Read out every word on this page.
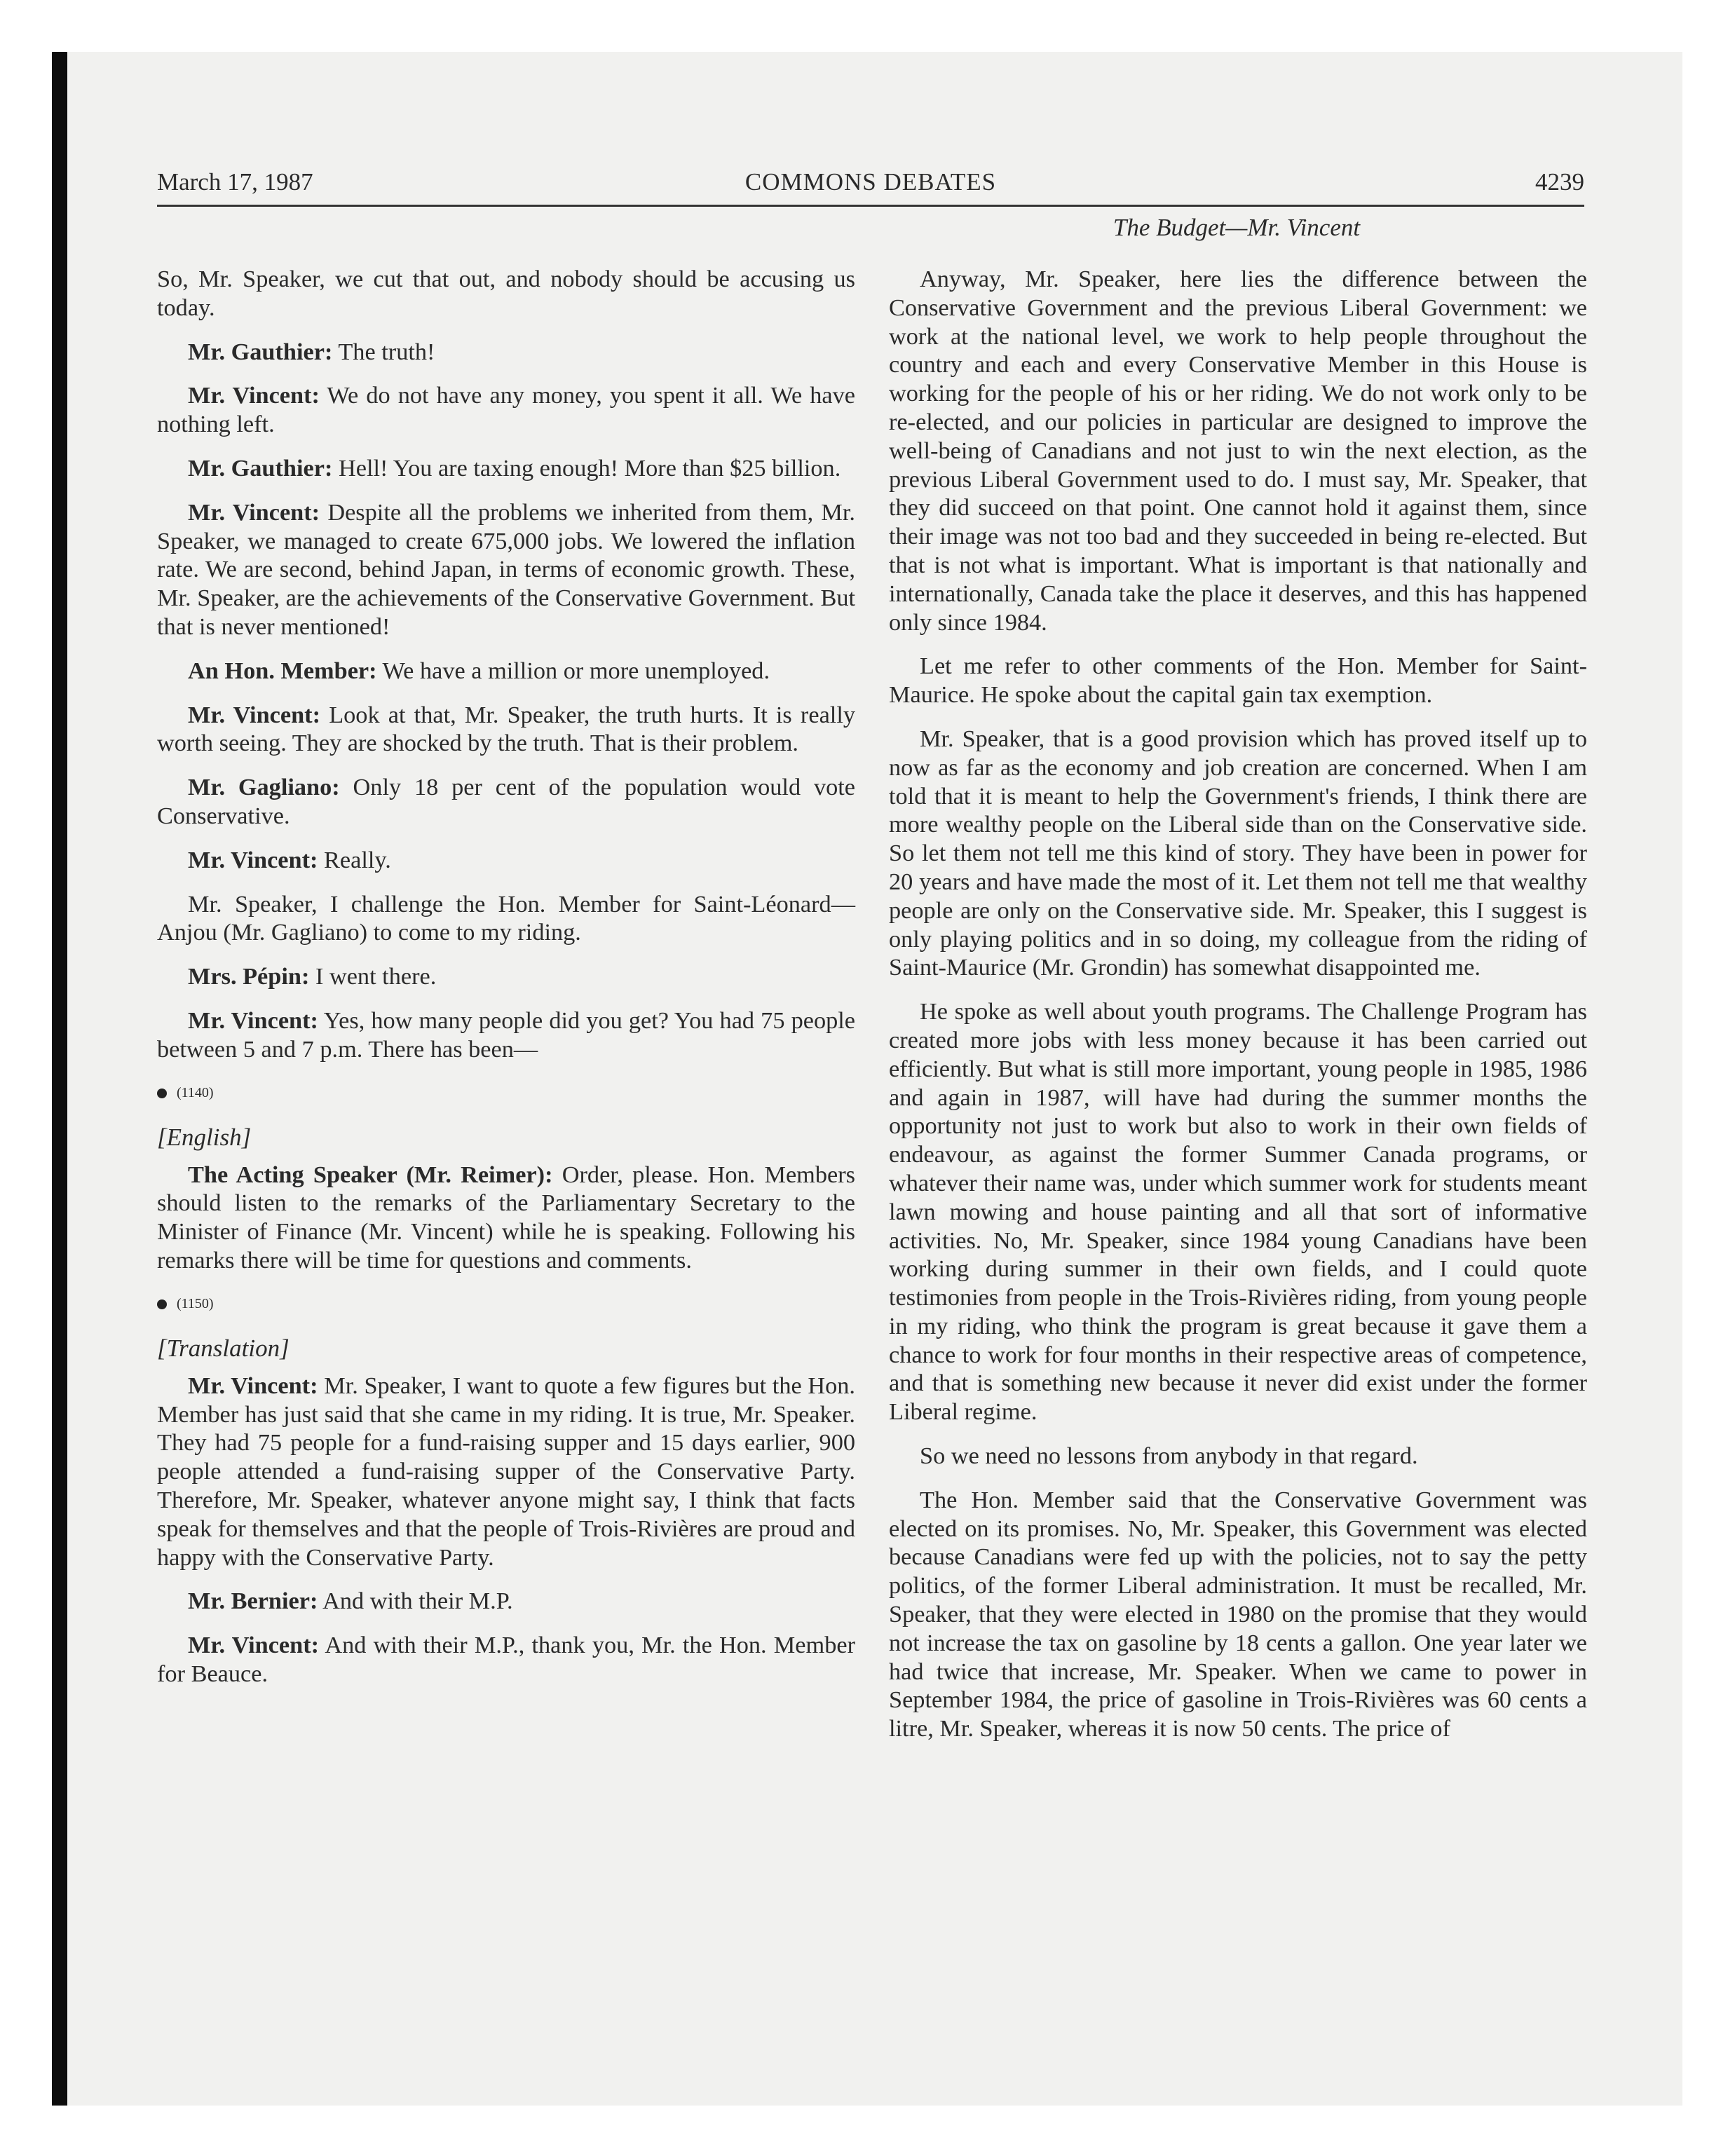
March 17, 1987	COMMONS DEBATES	4239
The Budget—Mr. Vincent

So, Mr. Speaker, we cut that out, and nobody should be accusing us today.

Mr. Gauthier: The truth!

Mr. Vincent: We do not have any money, you spent it all. We have nothing left.

Mr. Gauthier: Hell! You are taxing enough! More than $25 billion.

Mr. Vincent: Despite all the problems we inherited from them, Mr. Speaker, we managed to create 675,000 jobs. We lowered the inflation rate. We are second, behind Japan, in terms of economic growth. These, Mr. Speaker, are the achievements of the Conservative Government. But that is never mentioned!

An Hon. Member: We have a million or more unemployed.

Mr. Vincent: Look at that, Mr. Speaker, the truth hurts. It is really worth seeing. They are shocked by the truth. That is their problem.

Mr. Gagliano: Only 18 per cent of the population would vote Conservative.

Mr. Vincent: Really.

Mr. Speaker, I challenge the Hon. Member for Saint-Léonard—Anjou (Mr. Gagliano) to come to my riding.

Mrs. Pépin: I went there.

Mr. Vincent: Yes, how many people did you get? You had 75 people between 5 and 7 p.m. There has been—

(1140)
[English]

The Acting Speaker (Mr. Reimer): Order, please. Hon. Members should listen to the remarks of the Parliamentary Secretary to the Minister of Finance (Mr. Vincent) while he is speaking. Following his remarks there will be time for questions and comments.

(1150)
[Translation]

Mr. Vincent: Mr. Speaker, I want to quote a few figures but the Hon. Member has just said that she came in my riding. It is true, Mr. Speaker. They had 75 people for a fund-raising supper and 15 days earlier, 900 people attended a fund-raising supper of the Conservative Party. Therefore, Mr. Speaker, whatever anyone might say, I think that facts speak for themselves and that the people of Trois-Rivières are proud and happy with the Conservative Party.

Mr. Bernier: And with their M.P.

Mr. Vincent: And with their M.P., thank you, Mr. the Hon. Member for Beauce.

Anyway, Mr. Speaker, here lies the difference between the Conservative Government and the previous Liberal Government: we work at the national level, we work to help people throughout the country and each and every Conservative Member in this House is working for the people of his or her riding. We do not work only to be re-elected, and our policies in particular are designed to improve the well-being of Canadians and not just to win the next election, as the previous Liberal Government used to do. I must say, Mr. Speaker, that they did succeed on that point. One cannot hold it against them, since their image was not too bad and they succeeded in being re-elected. But that is not what is important. What is important is that nationally and internationally, Canada take the place it deserves, and this has happened only since 1984.

Let me refer to other comments of the Hon. Member for Saint-Maurice. He spoke about the capital gain tax exemption.

Mr. Speaker, that is a good provision which has proved itself up to now as far as the economy and job creation are concerned. When I am told that it is meant to help the Government's friends, I think there are more wealthy people on the Liberal side than on the Conservative side. So let them not tell me this kind of story. They have been in power for 20 years and have made the most of it. Let them not tell me that wealthy people are only on the Conservative side. Mr. Speaker, this I suggest is only playing politics and in so doing, my colleague from the riding of Saint-Maurice (Mr. Grondin) has somewhat disappointed me.

He spoke as well about youth programs. The Challenge Program has created more jobs with less money because it has been carried out efficiently. But what is still more important, young people in 1985, 1986 and again in 1987, will have had during the summer months the opportunity not just to work but also to work in their own fields of endeavour, as against the former Summer Canada programs, or whatever their name was, under which summer work for students meant lawn mowing and house painting and all that sort of informative activities. No, Mr. Speaker, since 1984 young Canadians have been working during summer in their own fields, and I could quote testimonies from people in the Trois-Rivières riding, from young people in my riding, who think the program is great because it gave them a chance to work for four months in their respective areas of competence, and that is something new because it never did exist under the former Liberal regime.

So we need no lessons from anybody in that regard.

The Hon. Member said that the Conservative Government was elected on its promises. No, Mr. Speaker, this Government was elected because Canadians were fed up with the policies, not to say the petty politics, of the former Liberal administration. It must be recalled, Mr. Speaker, that they were elected in 1980 on the promise that they would not increase the tax on gasoline by 18 cents a gallon. One year later we had twice that increase, Mr. Speaker. When we came to power in September 1984, the price of gasoline in Trois-Rivières was 60 cents a litre, Mr. Speaker, whereas it is now 50 cents. The price of
